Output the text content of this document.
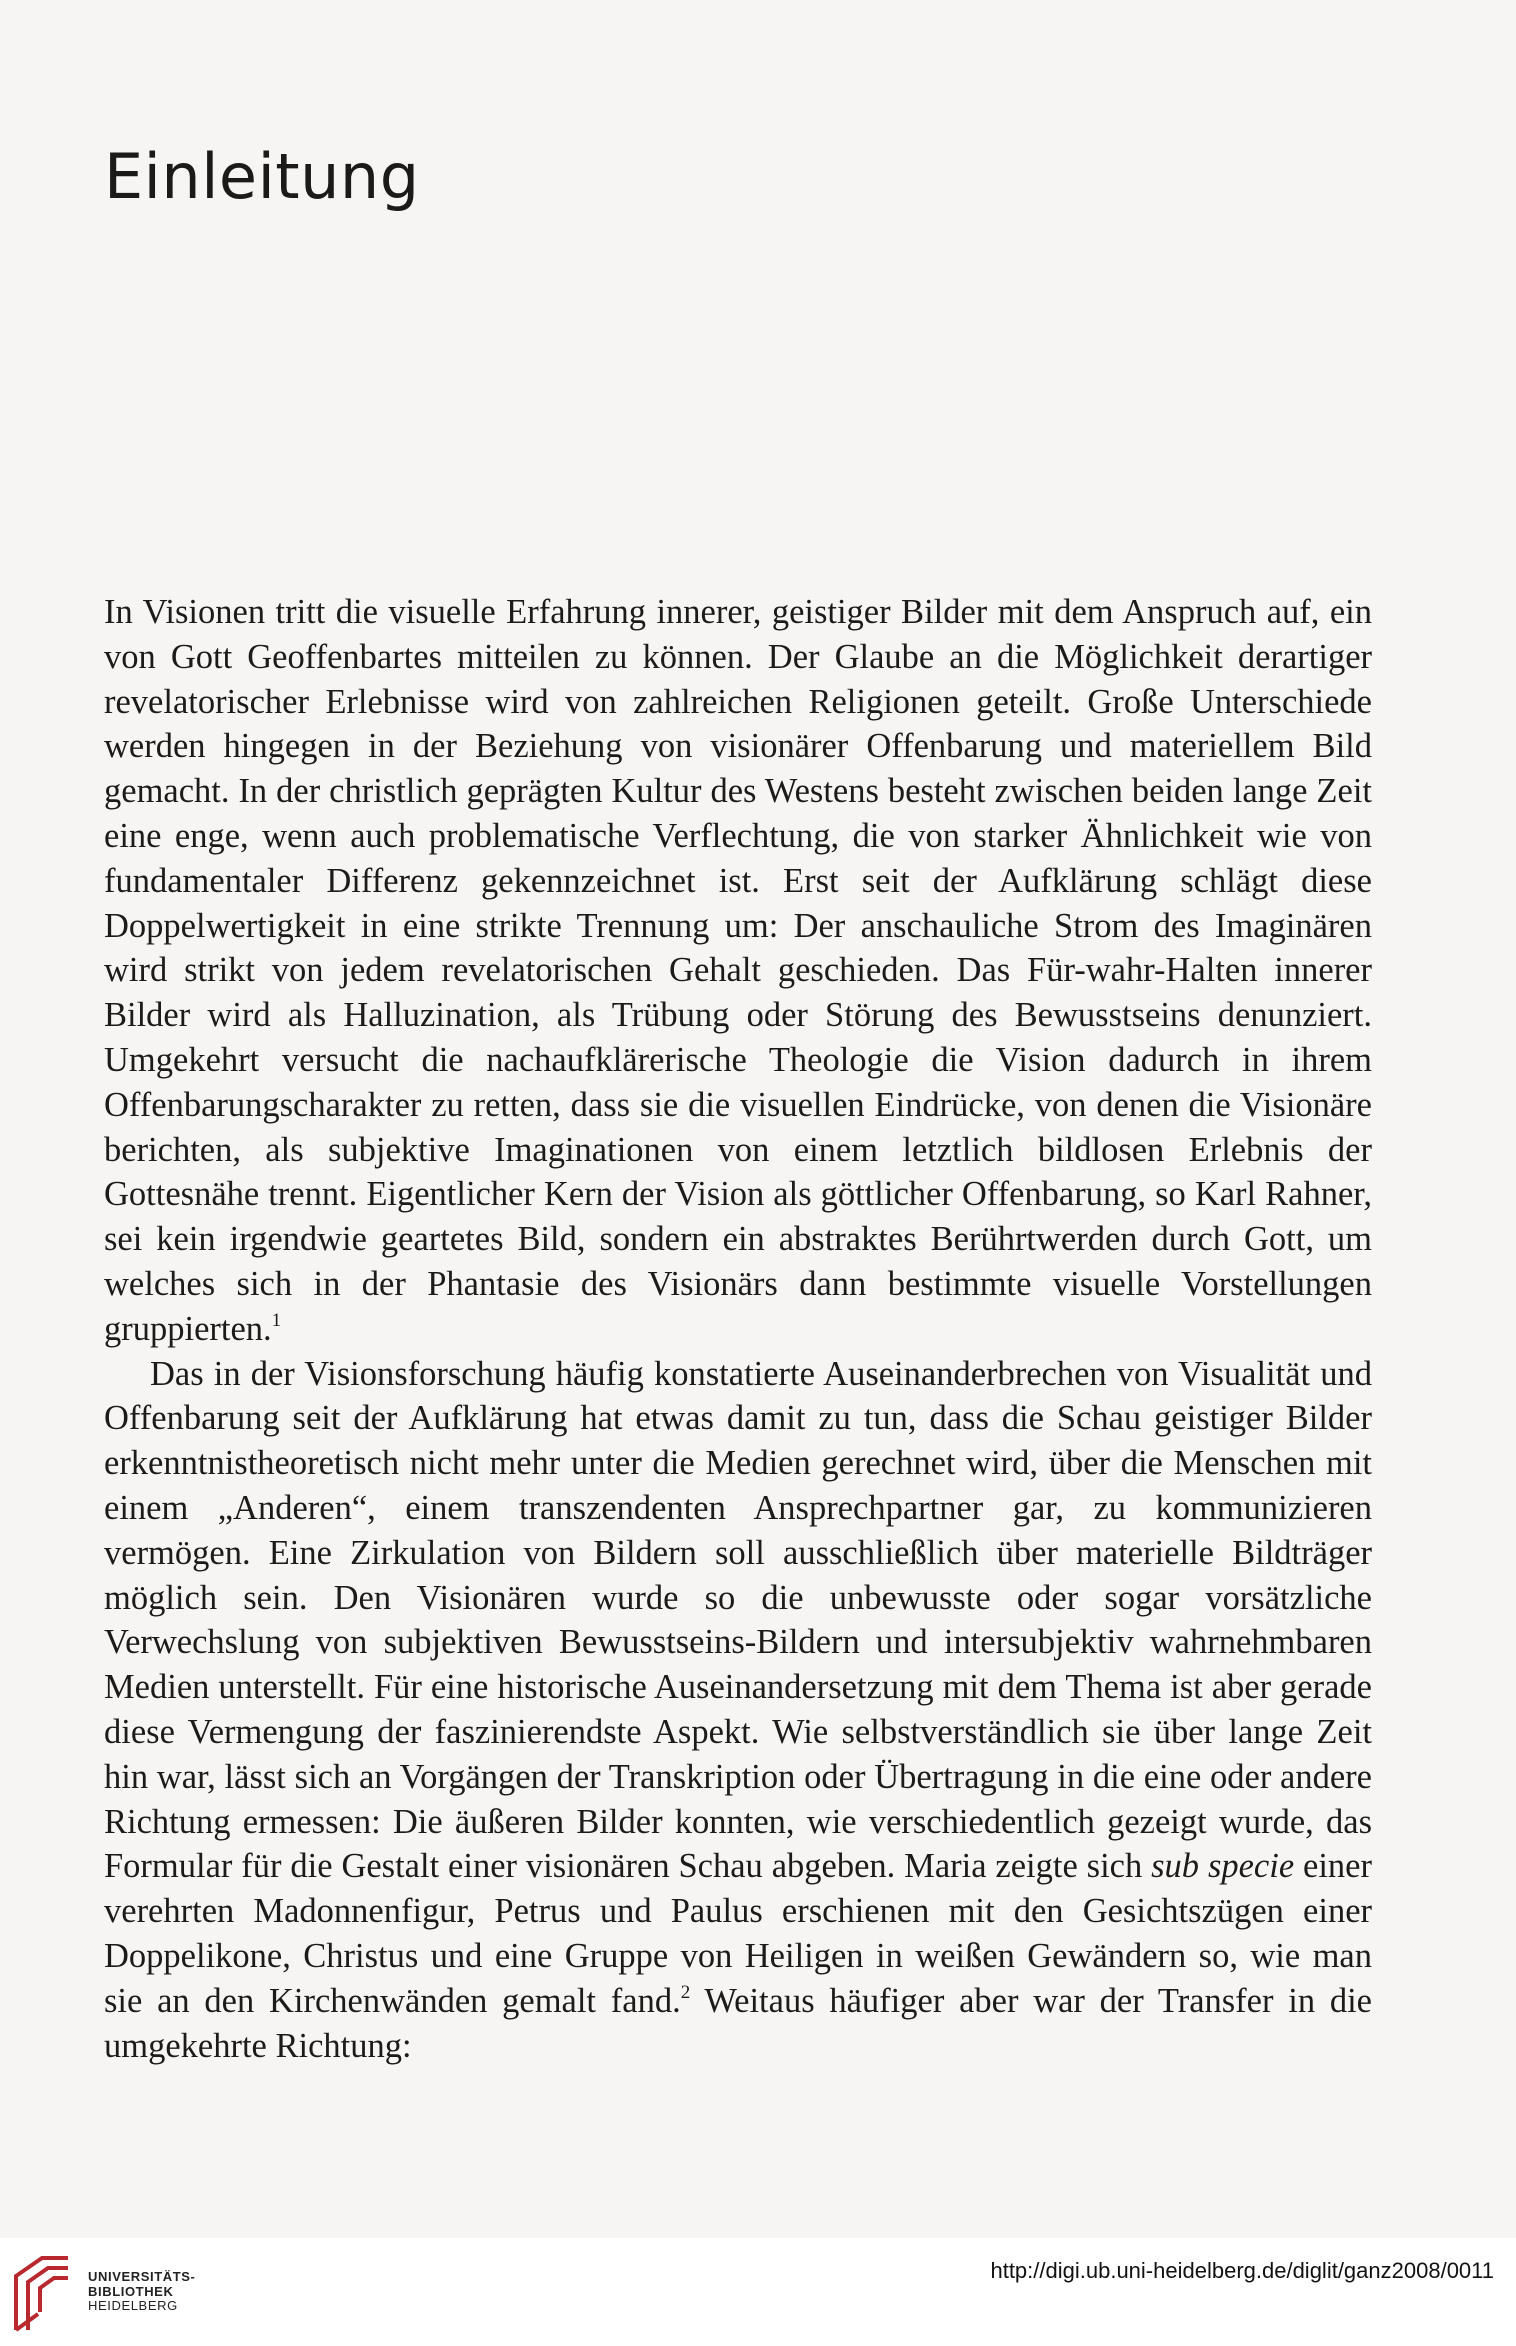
Einleitung

In Visionen tritt die visuelle Erfahrung innerer, geistiger Bilder mit dem Anspruch auf, ein von Gott Geoffenbartes mitteilen zu können. Der Glaube an die Möglichkeit derartiger revelatorischer Erlebnisse wird von zahlreichen Religionen geteilt. Große Unterschiede werden hingegen in der Beziehung von visionärer Offenbarung und materiellem Bild gemacht. In der christlich geprägten Kultur des Westens besteht zwischen beiden lange Zeit eine enge, wenn auch problematische Verflechtung, die von starker Ähnlichkeit wie von fundamentaler Differenz gekennzeichnet ist. Erst seit der Aufklärung schlägt diese Doppelwertigkeit in eine strikte Trennung um: Der anschauliche Strom des Imaginären wird strikt von jedem revelatorischen Gehalt geschieden. Das Für-wahr-Halten innerer Bilder wird als Halluzination, als Trübung oder Störung des Bewusstseins denunziert. Umgekehrt versucht die nachaufklärerische Theologie die Vision dadurch in ihrem Offenbarungscharakter zu retten, dass sie die visuellen Eindrücke, von denen die Visionäre berichten, als subjektive Imaginationen von einem letztlich bildlosen Erlebnis der Gottesnähe trennt. Eigentlicher Kern der Vision als göttlicher Offenbarung, so Karl Rahner, sei kein irgendwie geartetes Bild, sondern ein abstraktes Berührtwerden durch Gott, um welches sich in der Phantasie des Visionärs dann bestimmte visuelle Vorstellungen gruppierten.$^1$

Das in der Visionsforschung häufig konstatierte Auseinanderbrechen von Visualität und Offenbarung seit der Aufklärung hat etwas damit zu tun, dass die Schau geistiger Bilder erkenntnistheoretisch nicht mehr unter die Medien gerechnet wird, über die Menschen mit einem „Anderen“, einem transzendenten Ansprechpartner gar, zu kommunizieren vermögen. Eine Zirkulation von Bildern soll ausschließlich über materielle Bildträger möglich sein. Den Visionären wurde so die unbewusste oder sogar vorsätzliche Verwechslung von subjektiven Bewusstseins-Bildern und intersubjektiv wahrnehmbaren Medien unterstellt. Für eine historische Auseinandersetzung mit dem Thema ist aber gerade diese Vermengung der faszinierendste Aspekt. Wie selbstverständlich sie über lange Zeit hin war, lässt sich an Vorgängen der Transkription oder Übertragung in die eine oder andere Richtung ermessen: Die äußeren Bilder konnten, wie verschiedentlich gezeigt wurde, das Formular für die Gestalt einer visionären Schau abgeben. Maria zeigte sich sub specie einer verehrten Madonnenfigur, Petrus und Paulus erschienen mit den Gesichtszügen einer Doppelikone, Christus und eine Gruppe von Heiligen in weißen Gewändern so, wie man sie an den Kirchenwänden gemalt fand.$^2$ Weitaus häufiger aber war der Transfer in die umgekehrte Richtung:

UNIVERSITÄTS-
BIBLIOTHEK
HEIDELBERG
http://digi.ub.uni-heidelberg.de/diglit/ganz2008/0011
